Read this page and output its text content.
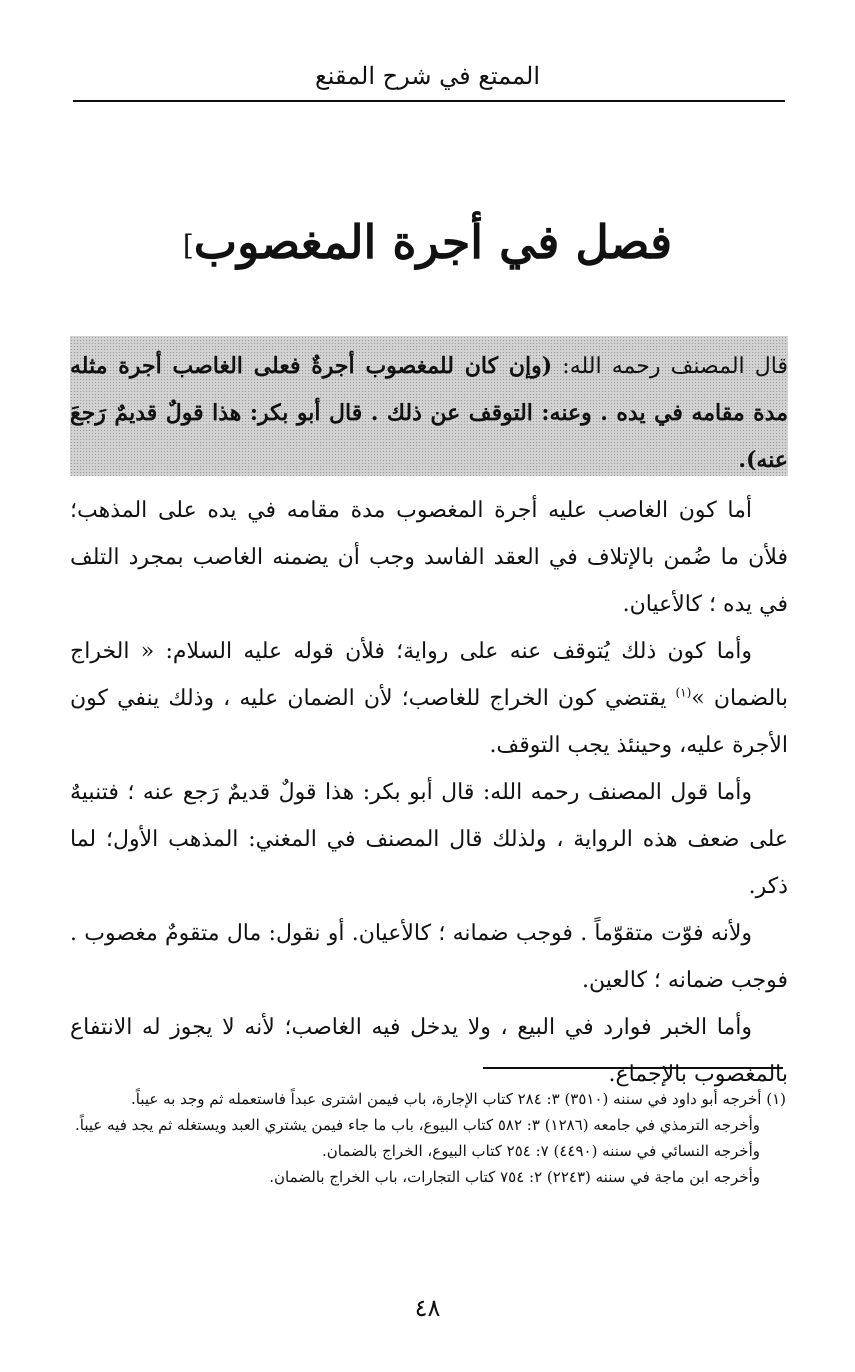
الممتع في شرح المقنع
فصل في أجرة المغصوب]
قال المصنف رحمه الله: (وإن كان للمغصوب أجرةٌ فعلى الغاصب أجرة مثله مدة مقامه في يده . وعنه: التوقف عن ذلك . قال أبو بكر: هذا قولٌ قديمٌ رَجعَ عنه).

أما كون الغاصب عليه أجرة المغصوب مدة مقامه في يده على المذهب؛ فلأن ما ضُمن بالإتلاف في العقد الفاسد وجب أن يضمنه الغاصب بمجرد التلف في يده ؛ كالأعيان.

وأما كون ذلك يُتوقف عنه على رواية؛ فلأن قوله عليه السلام: « الخراج بالضمان »$^{(١)}$ يقتضي كون الخراج للغاصب؛ لأن الضمان عليه ، وذلك ينفي كون الأجرة عليه، وحينئذ يجب التوقف.

وأما قول المصنف رحمه الله: قال أبو بكر: هذا قولٌ قديمٌ رَجع عنه ؛ فتنبيهٌ على ضعف هذه الرواية ، ولذلك قال المصنف في المغني: المذهب الأول؛ لما ذكر.

ولأنه فوّت متقوّماً . فوجب ضمانه ؛ كالأعيان. أو نقول: مال متقومٌ مغصوب . فوجب ضمانه ؛ كالعين.

وأما الخبر فوارد في البيع ، ولا يدخل فيه الغاصب؛ لأنه لا يجوز له الانتفاع بالمغصوب بالإجماع.

(١) أخرجه أبو داود في سننه (٣٥١٠) ٣: ٢٨٤ كتاب الإجارة، باب فيمن اشترى عبداً فاستعمله ثم وجد به عيباً.

وأخرجه الترمذي في جامعه (١٢٨٦) ٣: ٥٨٢ كتاب البيوع، باب ما جاء فيمن يشتري العبد ويستغله ثم يجد فيه عيباً.

وأخرجه النسائي في سننه (٤٤٩٠) ٧: ٢٥٤ كتاب البيوع، الخراج بالضمان.

وأخرجه ابن ماجة في سننه (٢٢٤٣) ٢: ٧٥٤ كتاب التجارات، باب الخراج بالضمان.

٤٨
